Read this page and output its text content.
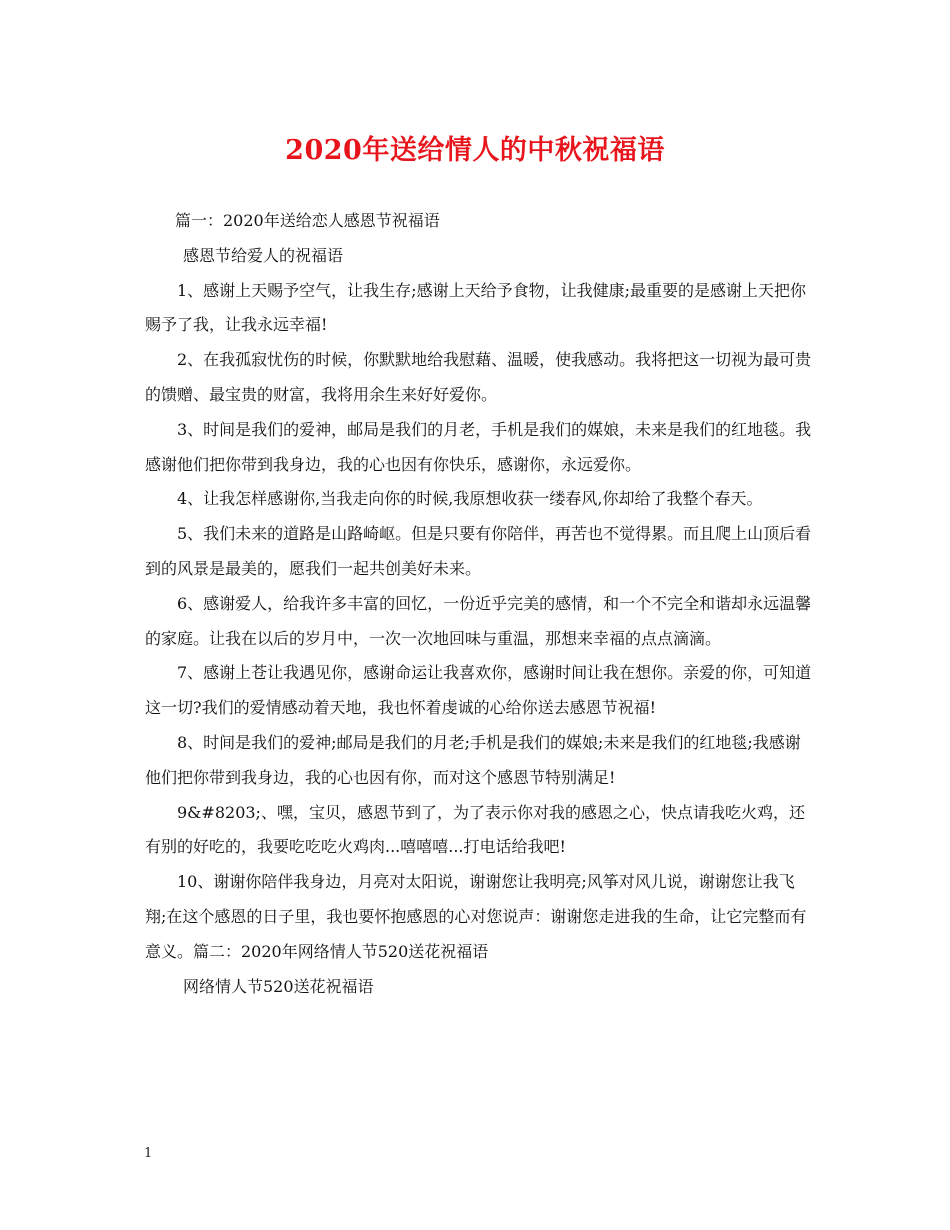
2020年送给情人的中秋祝福语

篇一：2020年送给恋人感恩节祝福语

感恩节给爱人的祝福语

1、感谢上天赐予空气，让我生存;感谢上天给予食物，让我健康;最重要的是感谢上天把你赐予了我，让我永远幸福!

2、在我孤寂忧伤的时候，你默默地给我慰藉、温暖，使我感动。我将把这一切视为最可贵的馈赠、最宝贵的财富，我将用余生来好好爱你。

3、时间是我们的爱神，邮局是我们的月老，手机是我们的媒娘，未来是我们的红地毯。我感谢他们把你带到我身边，我的心也因有你快乐，感谢你，永远爱你。

4、让我怎样感谢你,当我走向你的时候,我原想收获一缕春风,你却给了我整个春天。

5、我们未来的道路是山路崎岖。但是只要有你陪伴，再苦也不觉得累。而且爬上山顶后看到的风景是最美的，愿我们一起共创美好未来。

6、感谢爱人，给我许多丰富的回忆，一份近乎完美的感情，和一个不完全和谐却永远温馨的家庭。让我在以后的岁月中，一次一次地回味与重温，那想来幸福的点点滴滴。

7、感谢上苍让我遇见你，感谢命运让我喜欢你，感谢时间让我在想你。亲爱的你，可知道这一切?我们的爱情感动着天地，我也怀着虔诚的心给你送去感恩节祝福!

8、时间是我们的爱神;邮局是我们的月老;手机是我们的媒娘;未来是我们的红地毯;我感谢他们把你带到我身边，我的心也因有你，而对这个感恩节特别满足!

9&#8203;、嘿，宝贝，感恩节到了，为了表示你对我的感恩之心，快点请我吃火鸡，还有别的好吃的，我要吃吃吃火鸡肉...嘻嘻嘻...打电话给我吧!

10、谢谢你陪伴我身边，月亮对太阳说，谢谢您让我明亮;风筝对风儿说，谢谢您让我飞翔;在这个感恩的日子里，我也要怀抱感恩的心对您说声：谢谢您走进我的生命，让它完整而有意义。篇二：2020年网络情人节520送花祝福语

网络情人节520送花祝福语

1
